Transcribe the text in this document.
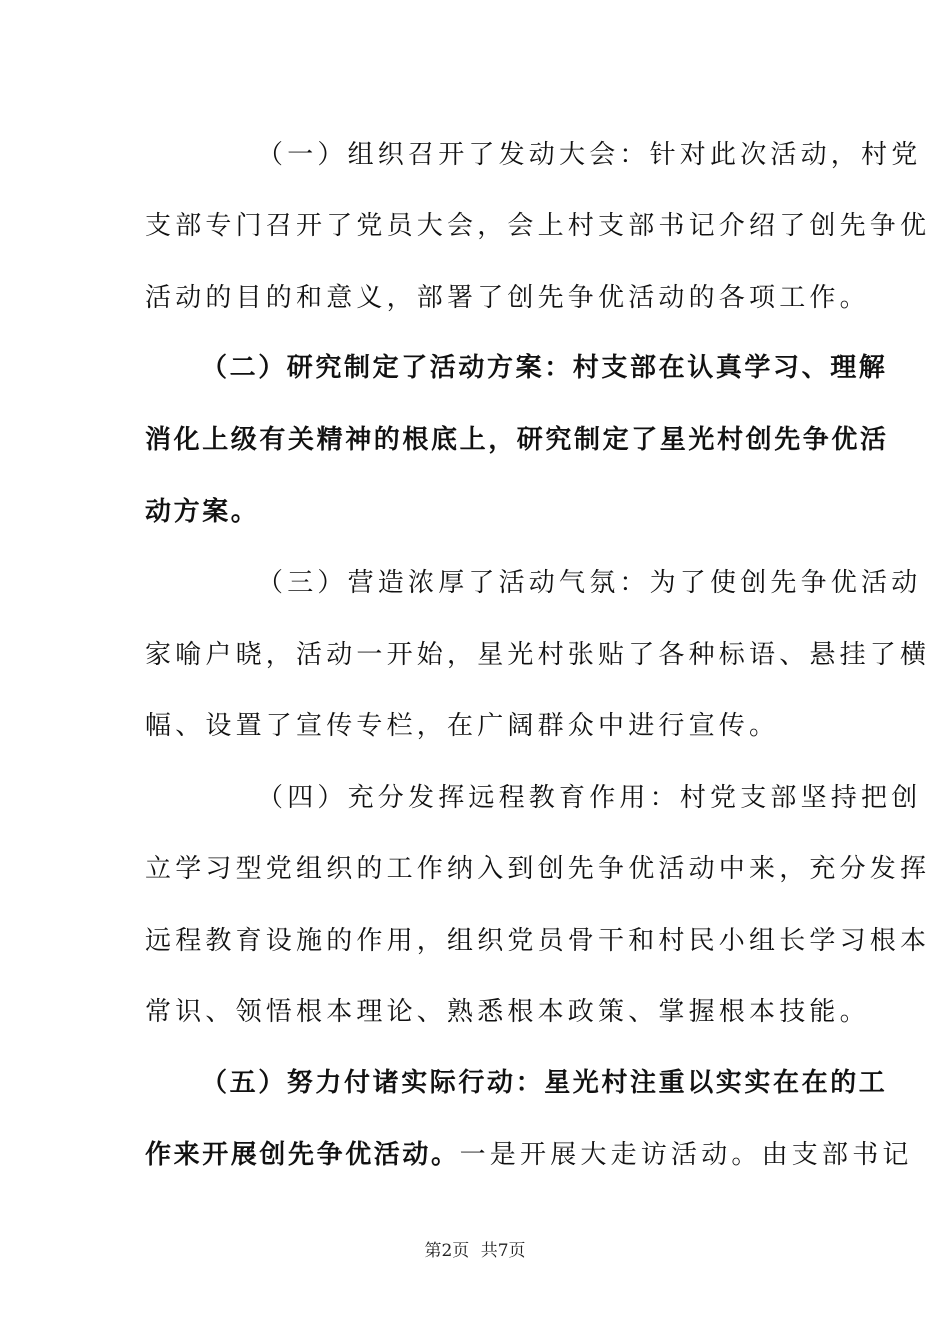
（一）组织召开了发动大会：针对此次活动，村党
支部专门召开了党员大会，会上村支部书记介绍了创先争优
活动的目的和意义，部署了创先争优活动的各项工作。
（二）研究制定了活动方案：村支部在认真学习、理解
消化上级有关精神的根底上，研究制定了星光村创先争优活
动方案。
（三）营造浓厚了活动气氛：为了使创先争优活动
家喻户晓，活动一开始，星光村张贴了各种标语、悬挂了横
幅、设置了宣传专栏，在广阔群众中进行宣传。
（四）充分发挥远程教育作用：村党支部坚持把创
立学习型党组织的工作纳入到创先争优活动中来，充分发挥
远程教育设施的作用，组织党员骨干和村民小组长学习根本
常识、领悟根本理论、熟悉根本政策、掌握根本技能。
（五）努力付诸实际行动：星光村注重以实实在在的工
作来开展创先争优活动。一是开展大走访活动。由支部书记
第2页 共7页
